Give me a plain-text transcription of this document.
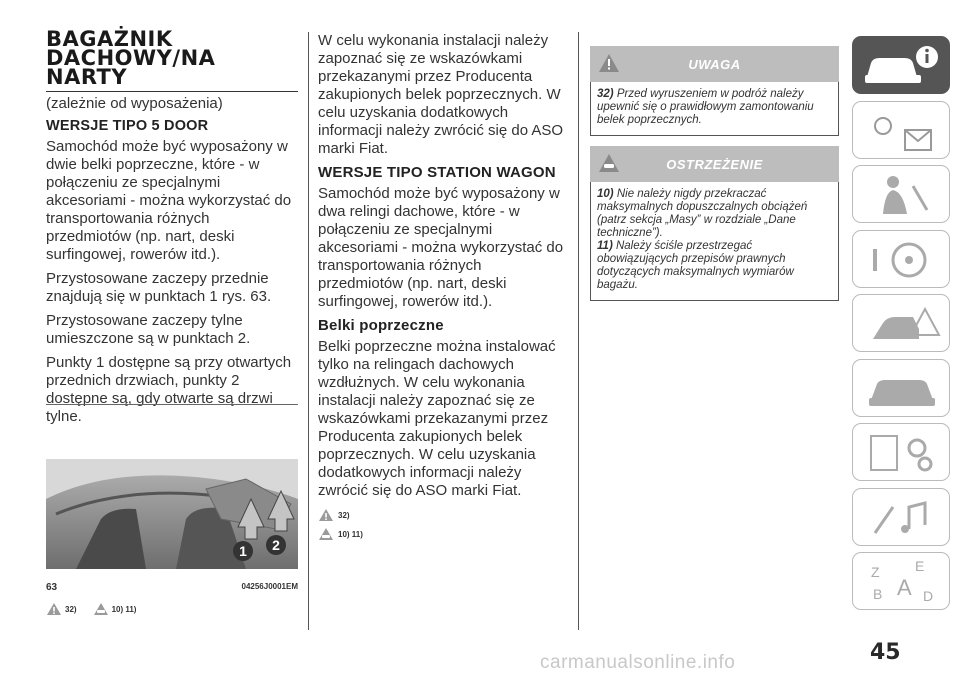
BAGAŻNIK
DACHOWY/NA
NARTY
(zależnie od wyposażenia)
WERSJE TIPO 5 DOOR
Samochód może być wyposażony w dwie belki poprzeczne, które - w połączeniu ze specjalnymi akcesoriami - można wykorzystać do transportowania różnych przedmiotów (np. nart, deski surfingowej, rowerów itd.).
Przystosowane zaczepy przednie znajdują się w punktach 1 rys. 63.
Przystosowane zaczepy tylne umieszczone są w punktach 2.
Punkty 1 dostępne są przy otwartych przednich drzwiach, punkty 2 dostępne są, gdy otwarte są drzwi tylne.
1 2
63	04256J0001EM
32)	10) 11)
W celu wykonania instalacji należy zapoznać się ze wskazówkami przekazanymi przez Producenta zakupionych belek poprzecznych. W celu uzyskania dodatkowych informacji należy zwrócić się do ASO marki Fiat.
WERSJE TIPO STATION WAGON
Samochód może być wyposażony w dwa relingi dachowe, które - w połączeniu ze specjalnymi akcesoriami - można wykorzystać do transportowania różnych przedmiotów (np. nart, deski surfingowej, rowerów itd.).
Belki poprzeczne
Belki poprzeczne można instalować tylko na relingach dachowych wzdłużnych. W celu wykonania instalacji należy zapoznać się ze wskazówkami przekazanymi przez Producenta zakupionych belek poprzecznych. W celu uzyskania dodatkowych informacji należy zwrócić się do ASO marki Fiat.
32)
10) 11)
UWAGA
32) Przed wyruszeniem w podróż należy upewnić się o prawidłowym zamontowaniu belek poprzecznych.
OSTRZEŻENIE
10) Nie należy nigdy przekraczać maksymalnych dopuszczalnych obciążeń (patrz sekcja „Masy” w rozdziale „Dane techniczne”).
11) Należy ściśle przestrzegać obowiązujących przepisów prawnych dotyczących maksymalnych wymiarów bagażu.
Z	E
B A D
45
carmanualsonline.info
